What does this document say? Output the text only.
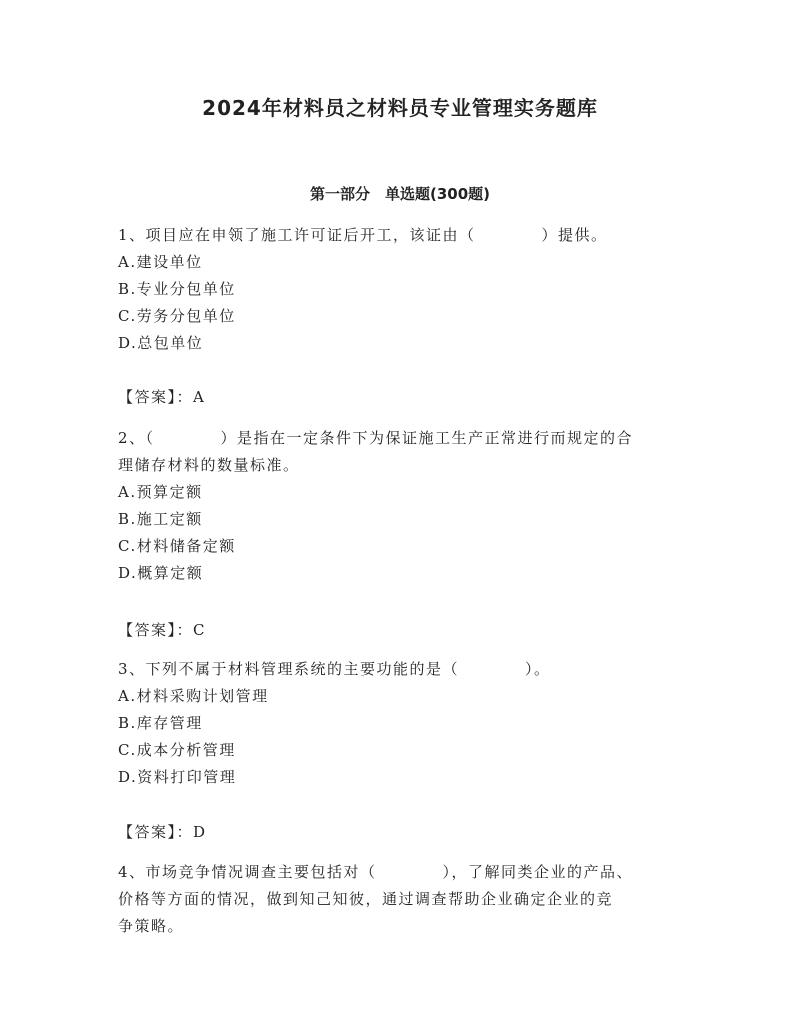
2024年材料员之材料员专业管理实务题库
第一部分　单选题(300题)
1、项目应在申领了施工许可证后开工，该证由（　　　　）提供。
A.建设单位
B.专业分包单位
C.劳务分包单位
D.总包单位
【答案】：A
2、（　　　　）是指在一定条件下为保证施工生产正常进行而规定的合
理储存材料的数量标准。
A.预算定额
B.施工定额
C.材料储备定额
D.概算定额
【答案】：C
3、下列不属于材料管理系统的主要功能的是（　　　　）。
A.材料采购计划管理
B.库存管理
C.成本分析管理
D.资料打印管理
【答案】：D
4、市场竞争情况调查主要包括对（　　　　），了解同类企业的产品、
价格等方面的情况，做到知己知彼，通过调查帮助企业确定企业的竞
争策略。
